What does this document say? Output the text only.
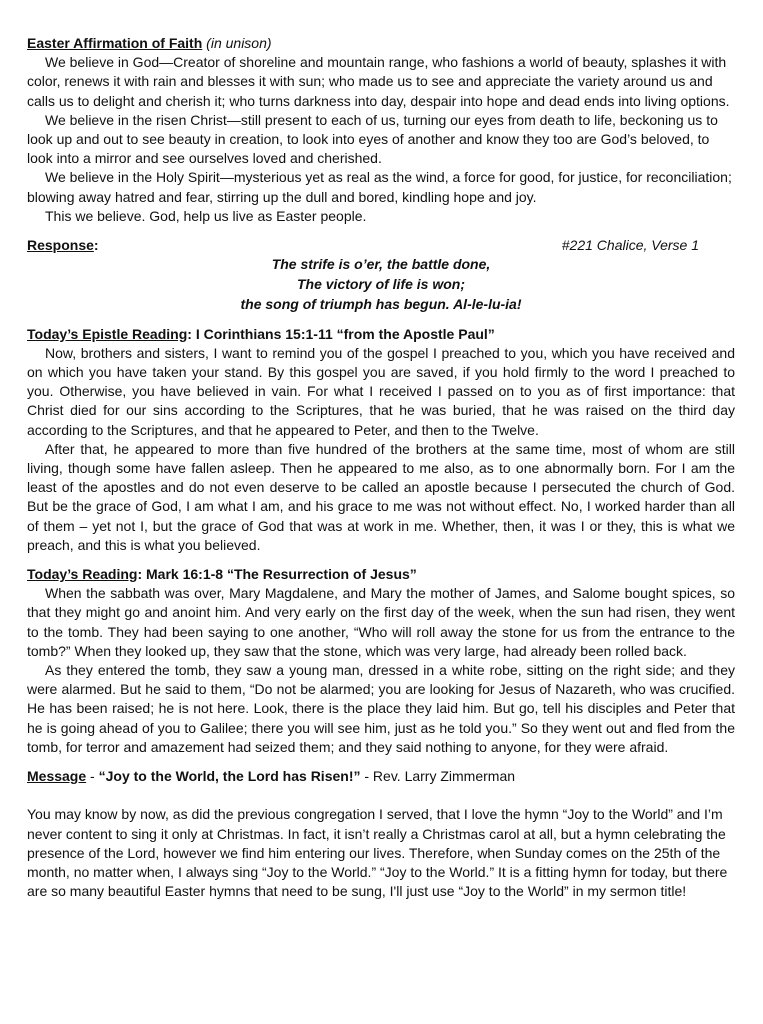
Easter Affirmation of Faith (in unison)

We believe in God—Creator of shoreline and mountain range, who fashions a world of beauty, splashes it with color, renews it with rain and blesses it with sun; who made us to see and appreciate the variety around us and calls us to delight and cherish it; who turns darkness into day, despair into hope and dead ends into living options.

We believe in the risen Christ—still present to each of us, turning our eyes from death to life, beckoning us to look up and out to see beauty in creation, to look into eyes of another and know they too are God’s beloved, to look into a mirror and see ourselves loved and cherished.

We believe in the Holy Spirit—mysterious yet as real as the wind, a force for good, for justice, for reconciliation; blowing away hatred and fear, stirring up the dull and bored, kindling hope and joy.

This we believe. God, help us live as Easter people.

Response:	#221 Chalice, Verse 1

The strife is o’er, the battle done,

The victory of life is won;

the song of triumph has begun. Al-le-lu-ia!

Today’s Epistle Reading: I Corinthians 15:1-11 “from the Apostle Paul”

Now, brothers and sisters, I want to remind you of the gospel I preached to you, which you have received and on which you have taken your stand. By this gospel you are saved, if you hold firmly to the word I preached to you. Otherwise, you have believed in vain. For what I received I passed on to you as of first importance: that Christ died for our sins according to the Scriptures, that he was buried, that he was raised on the third day according to the Scriptures, and that he appeared to Peter, and then to the Twelve.

After that, he appeared to more than five hundred of the brothers at the same time, most of whom are still living, though some have fallen asleep. Then he appeared to me also, as to one abnormally born. For I am the least of the apostles and do not even deserve to be called an apostle because I persecuted the church of God. But be the grace of God, I am what I am, and his grace to me was not without effect. No, I worked harder than all of them – yet not I, but the grace of God that was at work in me. Whether, then, it was I or they, this is what we preach, and this is what you believed.

Today’s Reading: Mark 16:1-8 “The Resurrection of Jesus”

When the sabbath was over, Mary Magdalene, and Mary the mother of James, and Salome bought spices, so that they might go and anoint him. And very early on the first day of the week, when the sun had risen, they went to the tomb. They had been saying to one another, “Who will roll away the stone for us from the entrance to the tomb?” When they looked up, they saw that the stone, which was very large, had already been rolled back.

As they entered the tomb, they saw a young man, dressed in a white robe, sitting on the right side; and they were alarmed. But he said to them, “Do not be alarmed; you are looking for Jesus of Nazareth, who was crucified. He has been raised; he is not here. Look, there is the place they laid him. But go, tell his disciples and Peter that he is going ahead of you to Galilee; there you will see him, just as he told you.” So they went out and fled from the tomb, for terror and amazement had seized them; and they said nothing to anyone, for they were afraid.

Message - “Joy to the World, the Lord has Risen!” - Rev. Larry Zimmerman

You may know by now, as did the previous congregation I served, that I love the hymn “Joy to the World” and I’m never content to sing it only at Christmas. In fact, it isn’t really a Christmas carol at all, but a hymn celebrating the presence of the Lord, however we find him entering our lives. Therefore, when Sunday comes on the 25th of the month, no matter when, I always sing “Joy to the World.” “Joy to the World.” It is a fitting hymn for today, but there are so many beautiful Easter hymns that need to be sung, I'll just use “Joy to the World” in my sermon title!
